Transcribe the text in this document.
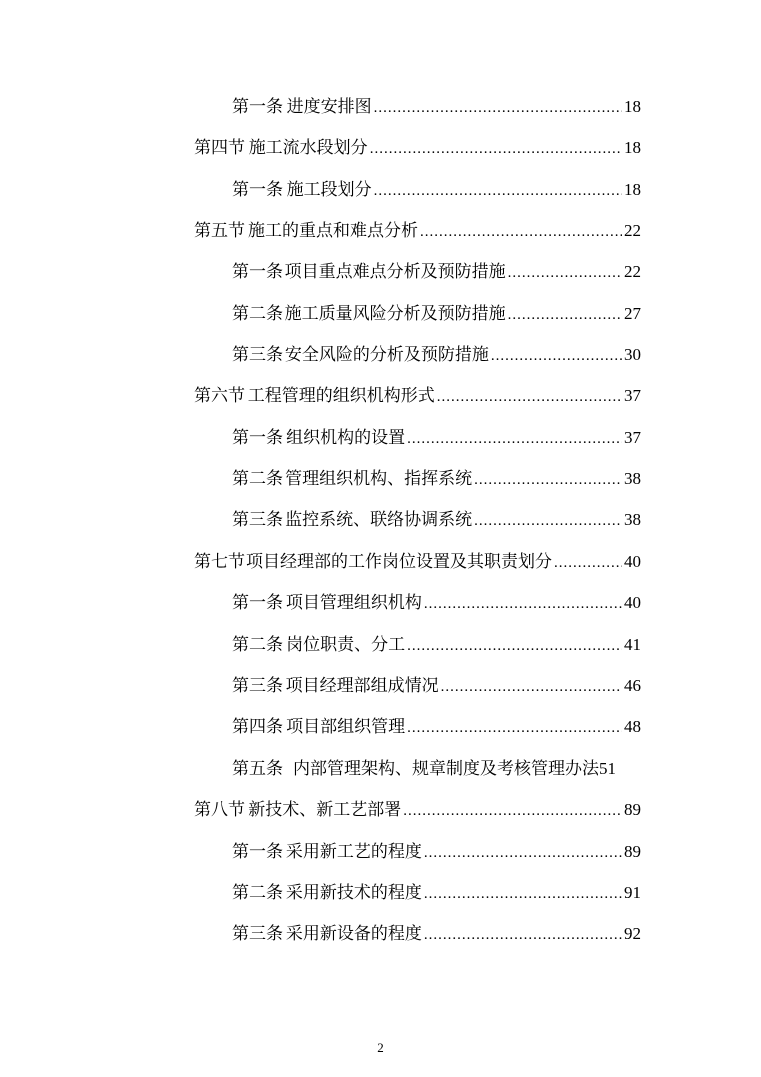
第一条 进度安排图 .....	18
第四节 施工流水段划分 .....	18
第一条 施工段划分 .....	18
第五节 施工的重点和难点分析 .....	22
第一条 项目重点难点分析及预防措施 .....	22
第二条 施工质量风险分析及预防措施 .....	27
第三条 安全风险的分析及预防措施 .....	30
第六节 工程管理的组织机构形式 .....	37
第一条 组织机构的设置 .....	37
第二条 管理组织机构、指挥系统 .....	38
第三条 监控系统、联络协调系统 .....	38
第七节 项目经理部的工作岗位设置及其职责划分 .....	40
第一条 项目管理组织机构 .....	40
第二条 岗位职责、分工 .....	41
第三条 项目经理部组成情况 .....	46
第四条 项目部组织管理 .....	48
第五条 内部管理架构、规章制度及考核管理办法 51
第八节 新技术、新工艺部署 .....	89
第一条 采用新工艺的程度 .....	89
第二条 采用新技术的程度 .....	91
第三条 采用新设备的程度 .....	92
2
